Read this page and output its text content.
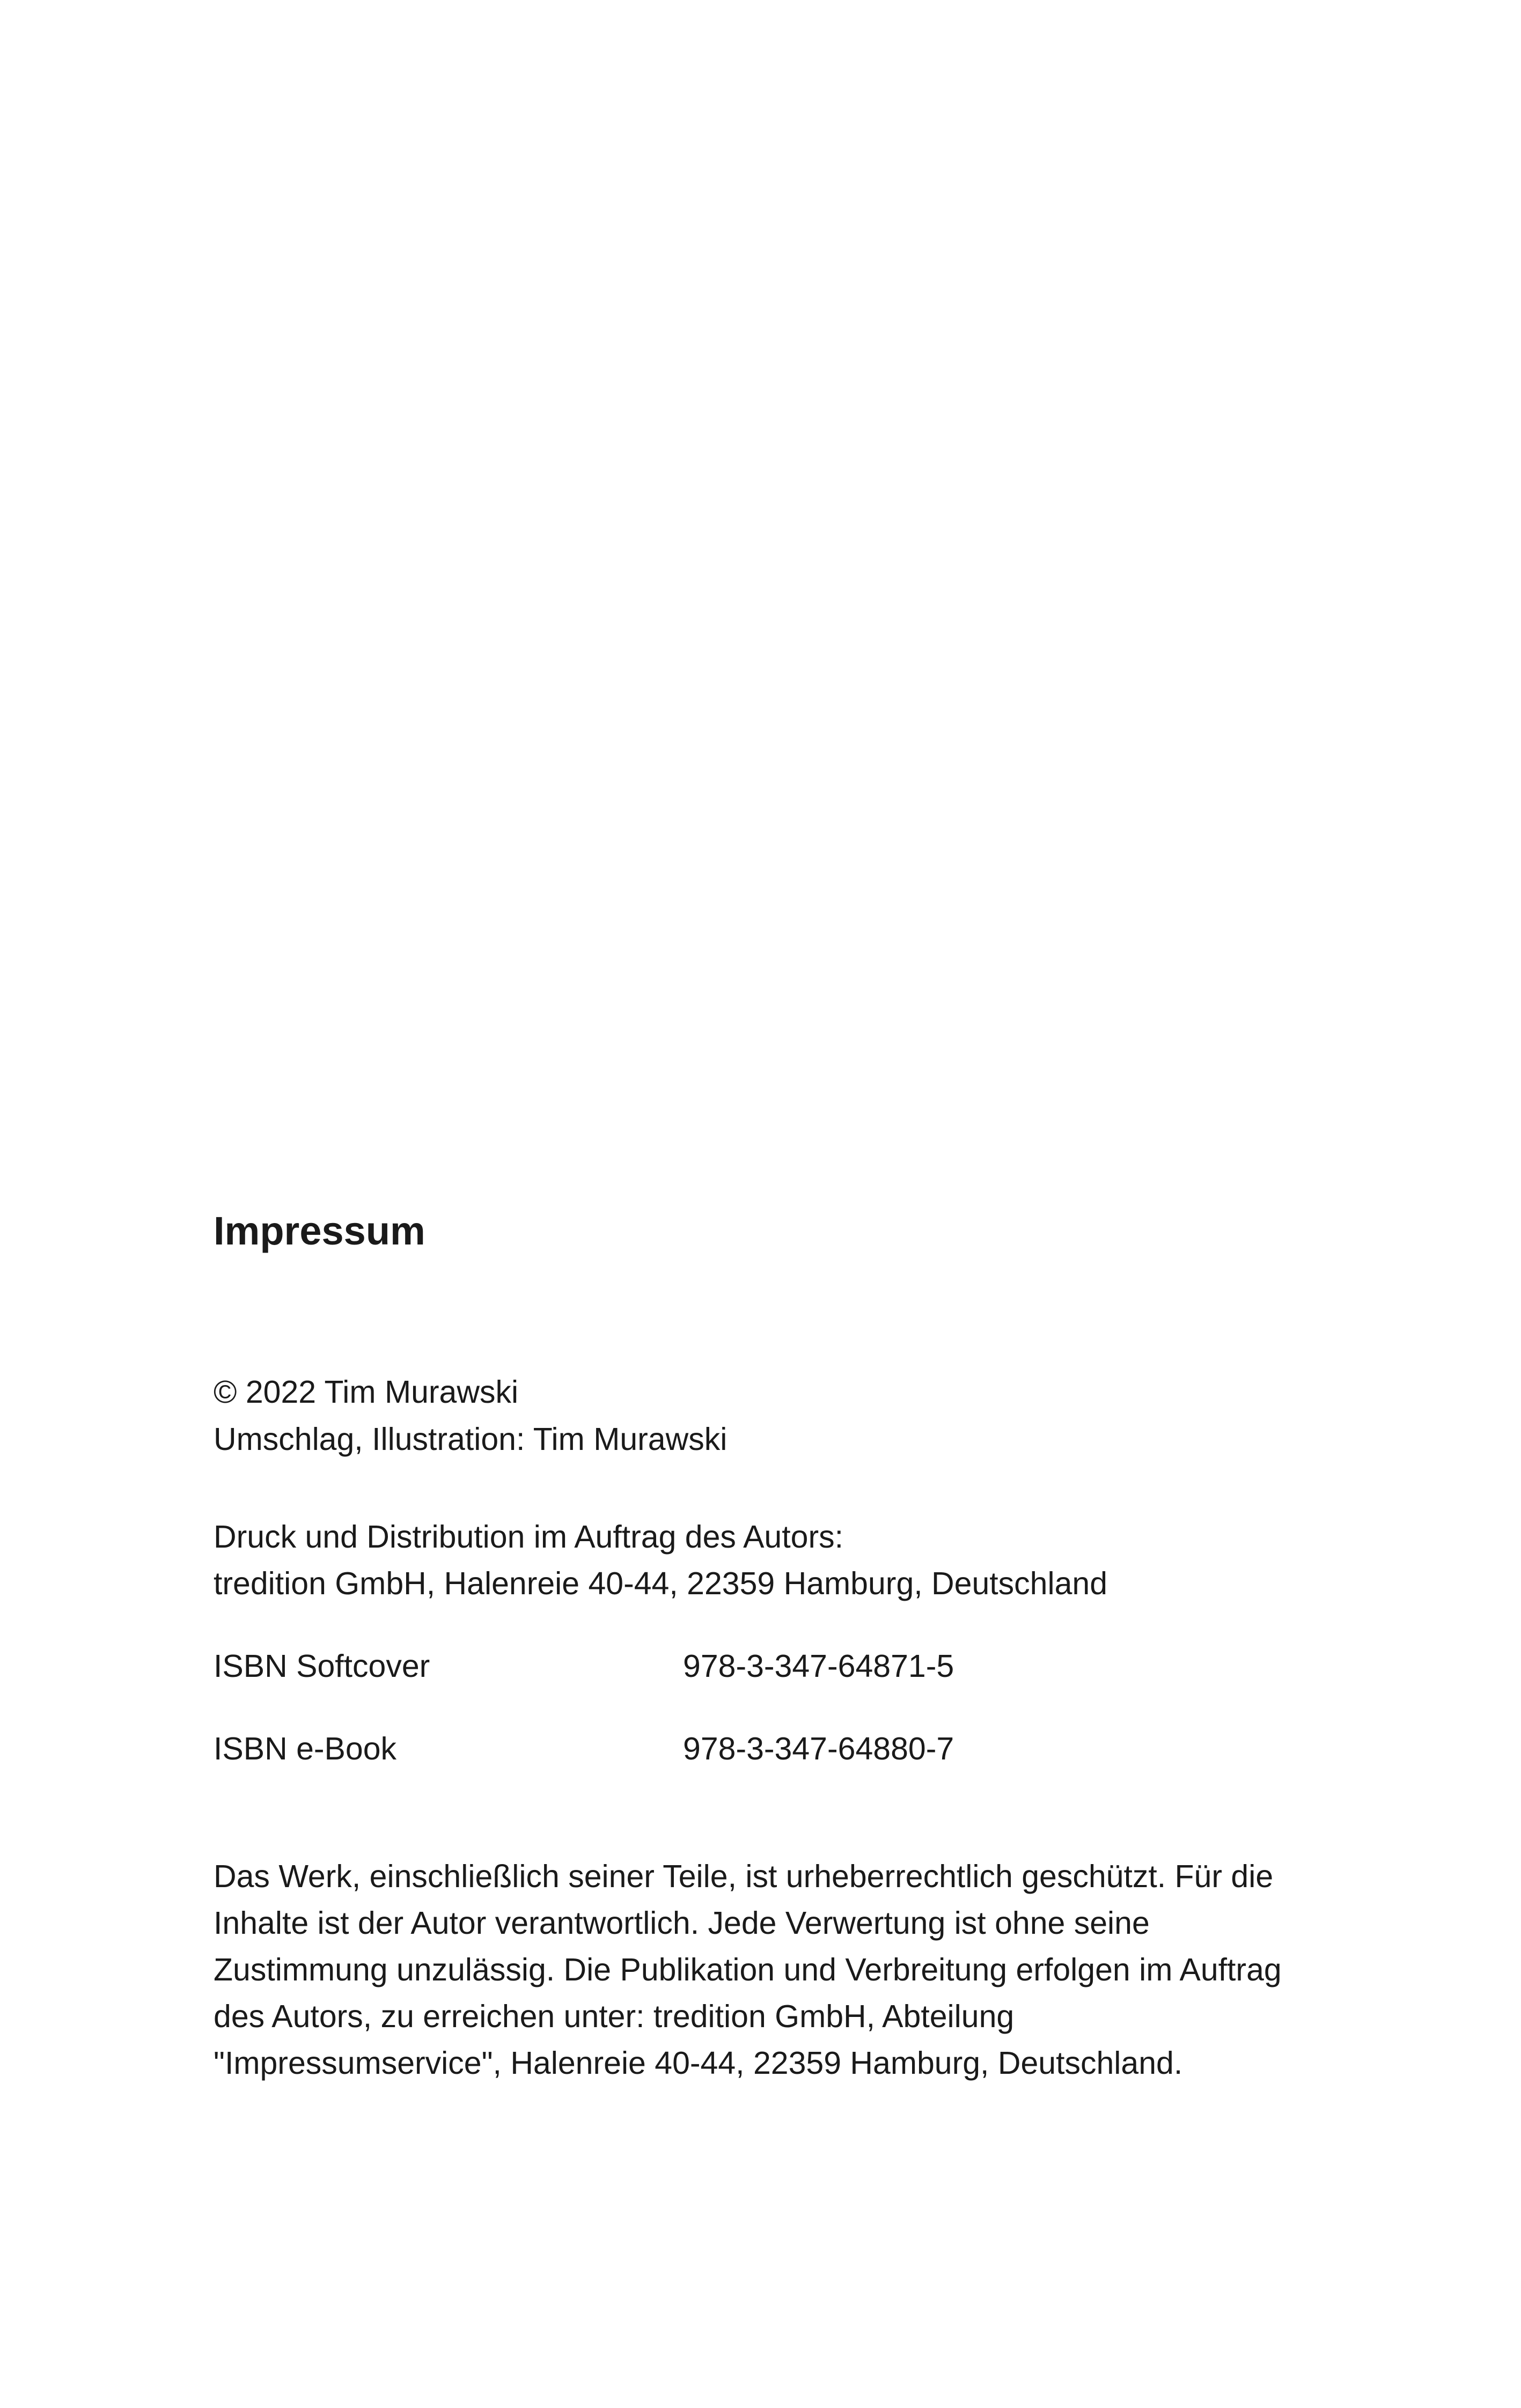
Impressum
© 2022 Tim Murawski
Umschlag, Illustration: Tim Murawski
Druck und Distribution im Auftrag des Autors:
tredition GmbH, Halenreie 40-44, 22359 Hamburg, Deutschland
ISBN Softcover	978-3-347-64871-5
ISBN e-Book	978-3-347-64880-7

Das Werk, einschließlich seiner Teile, ist urheberrechtlich geschützt. Für die
Inhalte ist der Autor verantwortlich. Jede Verwertung ist ohne seine
Zustimmung unzulässig. Die Publikation und Verbreitung erfolgen im Auftrag
des Autors, zu erreichen unter: tredition GmbH, Abteilung
"Impressumservice", Halenreie 40-44, 22359 Hamburg, Deutschland.
